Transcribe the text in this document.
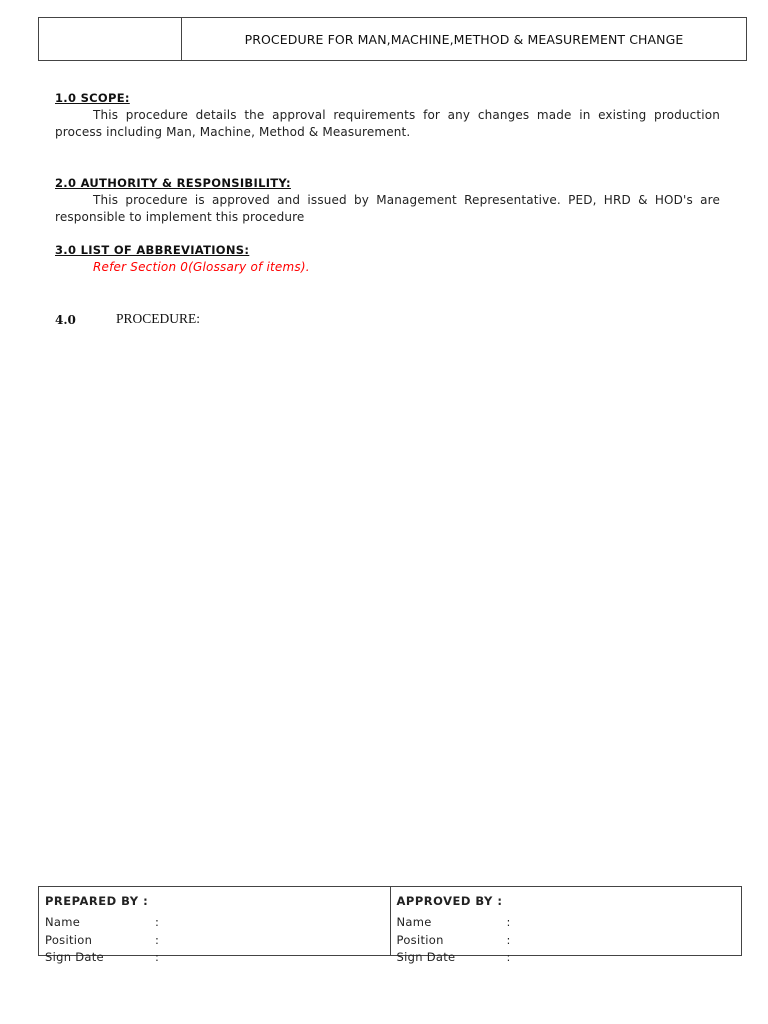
PROCEDURE FOR MAN,MACHINE,METHOD & MEASUREMENT CHANGE
1.0 SCOPE:
This procedure details the approval requirements for any changes made in existing production process including Man, Machine, Method & Measurement.
2.0 AUTHORITY & RESPONSIBILITY:
This procedure is approved and issued by Management Representative. PED, HRD & HOD's are responsible to implement this procedure
3.0 LIST OF ABBREVIATIONS:
Refer Section 0(Glossary of items).
4.0	PROCEDURE:
PREPARED BY :
Name	:
Position	:
Sign Date	:
APPROVED BY :
Name	:
Position	:
Sign Date	:
